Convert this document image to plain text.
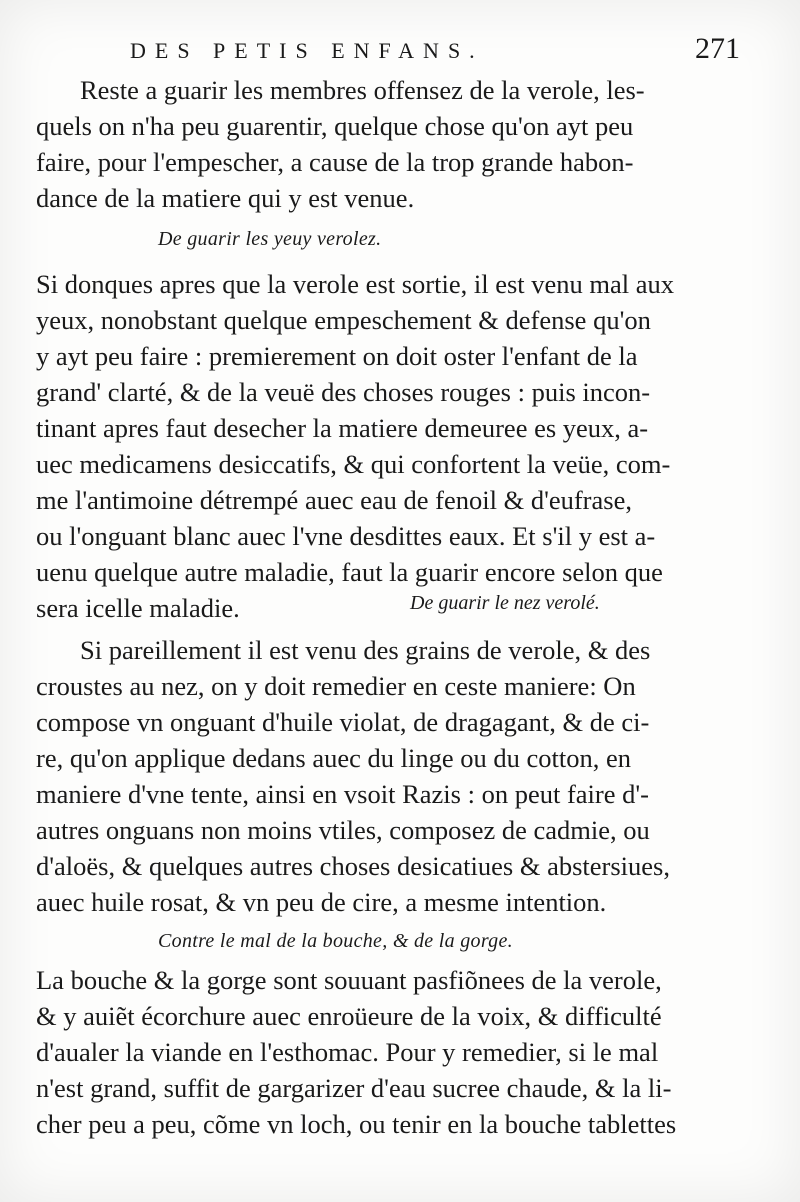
DES PETIS ENFANS.	271
Reste a guarir les membres offensez de la verole, les-
quels on n'ha peu guarentir, quelque chose qu'on ayt peu
faire, pour l'empescher, a cause de la trop grande habon-
dance de la matiere qui y est venue.
De guarir les yeuy verolez.
Si donques apres que la verole est sortie, il est venu mal aux
yeux, nonobstant quelque empeschement & defense qu'on
y ayt peu faire : premierement on doit oster l'enfant de la
grand' clarté, & de la veuë des choses rouges : puis incon-
tinant apres faut desecher la matiere demeuree es yeux, a-
uec medicamens desiccatifs, & qui confortent la veüe, com-
me l'antimoine détrempé auec eau de fenoil & d'eufrase,
ou l'onguant blanc auec l'vne desdittes eaux. Et s'il y est a-
uenu quelque autre maladie, faut la guarir encore selon que
sera icelle maladie.	De guarir le nez verolé.
Si pareillement il est venu des grains de verole, & des
croustes au nez, on y doit remedier en ceste maniere: On
compose vn onguant d'huile violat, de dragagant, & de ci-
re, qu'on applique dedans auec du linge ou du cotton, en
maniere d'vne tente, ainsi en vsoit Razis : on peut faire d'-
autres onguans non moins vtiles, composez de cadmie, ou
d'aloës, & quelques autres choses desicatiues & abstersiues,
auec huile rosat, & vn peu de cire, a mesme intention.
Contre le mal de la bouche, & de la gorge.
La bouche & la gorge sont souuant pasfiõnees de la verole,
& y auiẽt écorchure auec enroüeure de la voix, & difficulté
d'aualer la viande en l'esthomac. Pour y remedier, si le mal
n'est grand, suffit de gargarizer d'eau sucree chaude, & la li-
cher peu a peu, cõme vn loch, ou tenir en la bouche tablettes
